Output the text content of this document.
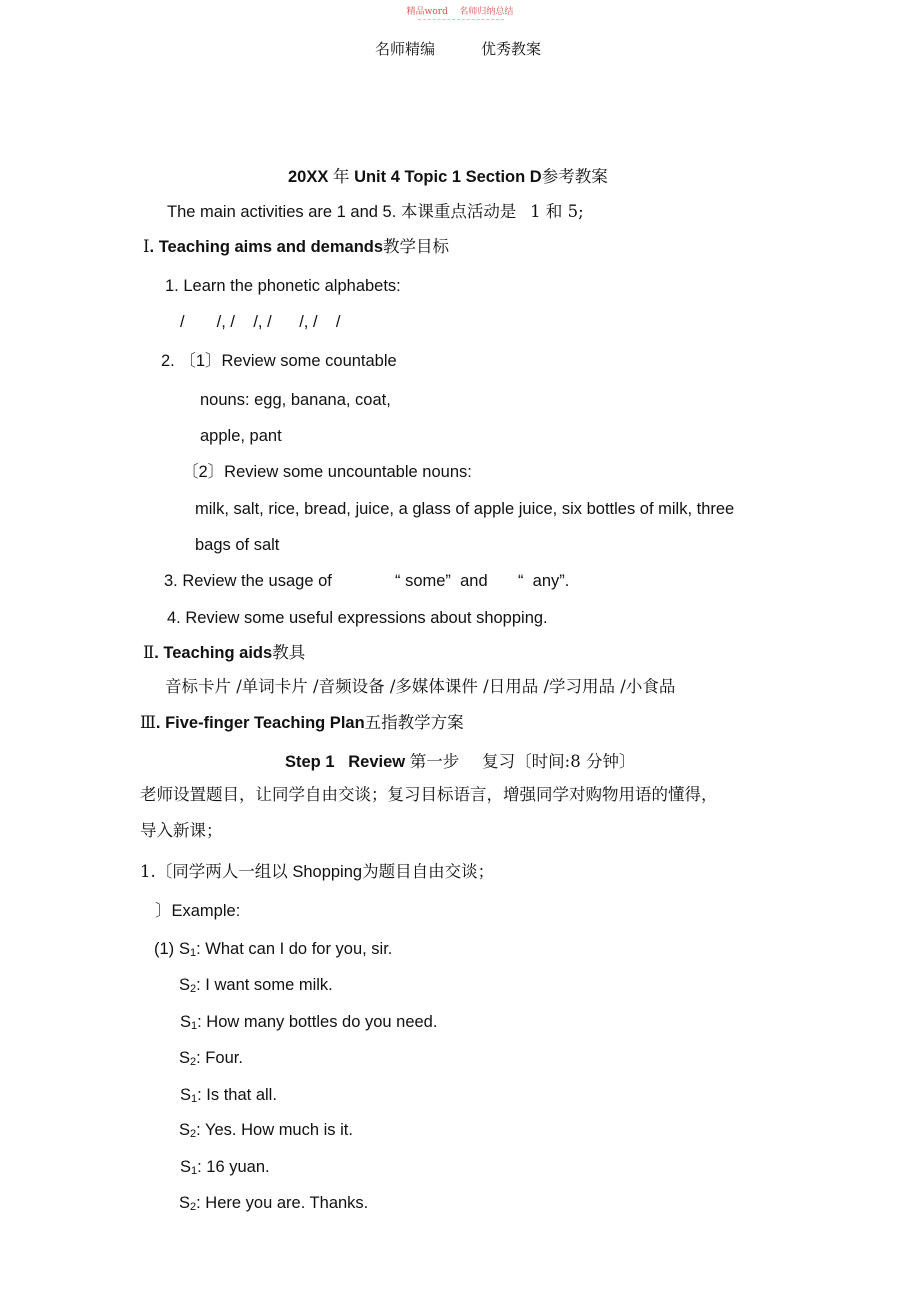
精品word 名师归纳总结
名师精编	优秀教案
20XX 年 Unit 4 Topic 1 Section D参考教案
The main activities are 1 and 5. 本课重点活动是 1 和 5;
Ⅰ. Teaching aims and demands教学目标
1. Learn the phonetic alphabets:
/       /, /    /, /      /, /    /
2. 〔1〕Review some countable
nouns: egg, banana, coat,
apple, pant
〔2〕Review some uncountable nouns:
milk, salt, rice, bread, juice, a glass of apple juice, six bottles of milk, three
bags of salt
3. Review the usage of	“ some”  and “  any”.
4. Review some useful expressions about shopping.
Ⅱ. Teaching aids教具
音标卡片 /单词卡片 /音频设备 /多媒体课件 /日用品 /学习用品 /小食品
Ⅲ. Five-finger Teaching Plan五指教学方案
Step 1   Review 第一步 复习〔时间:8 分钟〕
老师设置题目，让同学自由交谈；复习目标语言，增强同学对购物用语的懂得，
导入新课；
1.〔同学两人一组以 Shopping为题目自由交谈；
〕Example:
(1) $S_1$: What can I do for you, sir.
$S_2$: I want some milk.
$S_1$: How many bottles do you need.
$S_2$: Four.
$S_1$: Is that all.
$S_2$: Yes. How much is it.
$S_1$: 16 yuan.
$S_2$: Here you are. Thanks.
